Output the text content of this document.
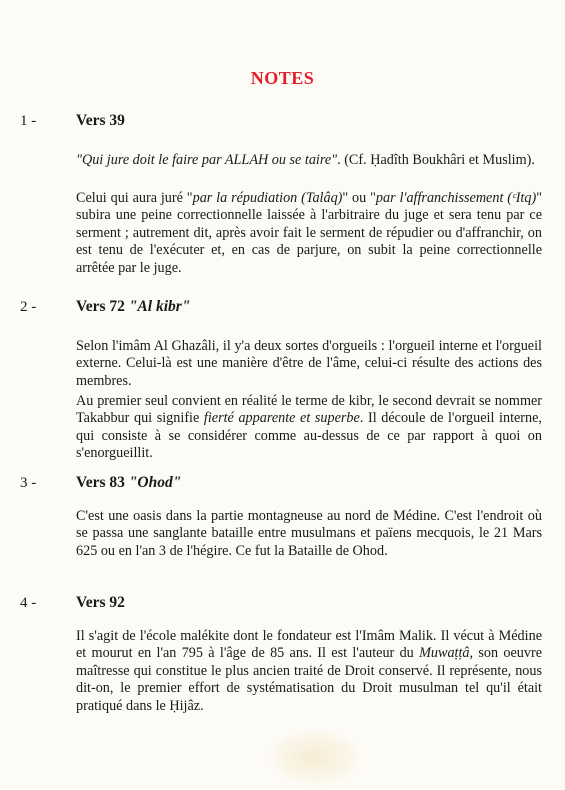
NOTES
1 -	Vers 39
"Qui jure doit le faire par ALLAH ou se taire". (Cf. Ḥadîth Boukhâri et Muslim).
Celui qui aura juré "par la répudiation (Talâq)" ou "par l'affranchissement (ᶜItq)" subira une peine correctionnelle laissée à l'arbitraire du juge et sera tenu par ce serment ; autrement dit, après avoir fait le serment de répudier ou d'affranchir, on est tenu de l'exécuter et, en cas de parjure, on subit la peine correctionnelle arrêtée par le juge.
2 -	Vers 72 "Al kibr"
Selon l'imâm Al Ghazâli, il y'a deux sortes d'orgueils : l'orgueil interne et l'orgueil externe. Celui-là est une manière d'être de l'âme, celui-ci résulte des actions des membres.
Au premier seul convient en réalité le terme de kibr, le second devrait se nommer Takabbur qui signifie fierté apparente et superbe. Il découle de l'orgueil interne, qui consiste à se considérer comme au-dessus de ce par rapport à quoi on s'enorgueillit.
3 -	Vers 83 "Ohod"
C'est une oasis dans la partie montagneuse au nord de Médine. C'est l'endroit où se passa une sanglante bataille entre musulmans et païens mecquois, le 21 Mars 625 ou en l'an 3 de l'hégire. Ce fut la Bataille de Ohod.
4 -	Vers 92
Il s'agit de l'école malékite dont le fondateur est l'Imâm Malik. Il vécut à Médine et mourut en l'an 795 à l'âge de 85 ans. Il est l'auteur du Muwaṭṭâ, son oeuvre maîtresse qui constitue le plus ancien traité de Droit conservé. Il représente, nous dit-on, le premier effort de systématisation du Droit musulman tel qu'il était pratiqué dans le Ḥijâz.
